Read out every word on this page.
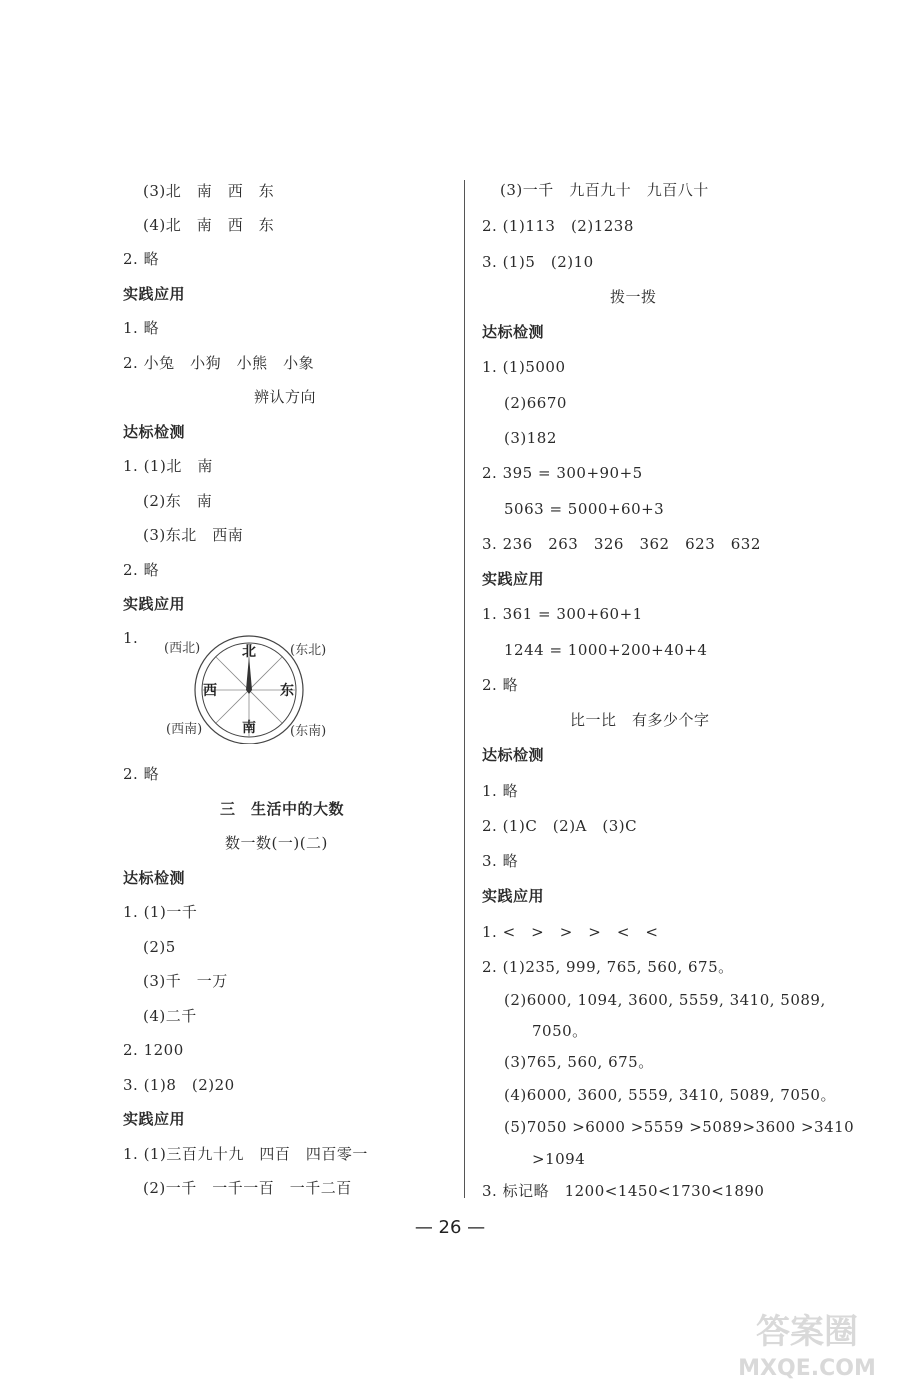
(3)北　南　西　东
(4)北　南　西　东
2. 略
实践应用
1. 略
2. 小兔　小狗　小熊　小象
辨认方向
达标检测
1. (1)北　南
(2)东　南
(3)东北　西南
2. 略
实践应用
1.
2. 略
三　生活中的大数
数一数(一)(二)
达标检测
1. (1)一千
(2)5
(3)千　一万
(4)二千
2. 1200
3. (1)8　(2)20
实践应用
1. (1)三百九十九　四百　四百零一
(2)一千　一千一百　一千二百
(3)一千　九百九十　九百八十
2. (1)113　(2)1238
3. (1)5　(2)10
拨一拨
达标检测
1. (1)5000
(2)6670
(3)182
2. 395 = 300+90+5
5063 = 5000+60+3
3. 236　263　326　362　623　632
实践应用
1. 361 = 300+60+1
1244 = 1000+200+40+4
2. 略
比一比　有多少个字
达标检测
1. 略
2. (1)C　(2)A　(3)C
3. 略
实践应用
1. <　>　>　>　<　<
2. (1)235, 999, 765, 560, 675。
(2)6000, 1094, 3600, 5559, 3410, 5089,
7050。
(3)765, 560, 675。
(4)6000, 3600, 5559, 3410, 5089, 7050。
(5)7050 >6000 >5559 >5089>3600 >3410
>1094
3. 标记略　1200<1450<1730<1890
北
南
西	东
(西北)	(东北)
(西南)	(东南)
— 26 —
答案圈
MXQE.COM
